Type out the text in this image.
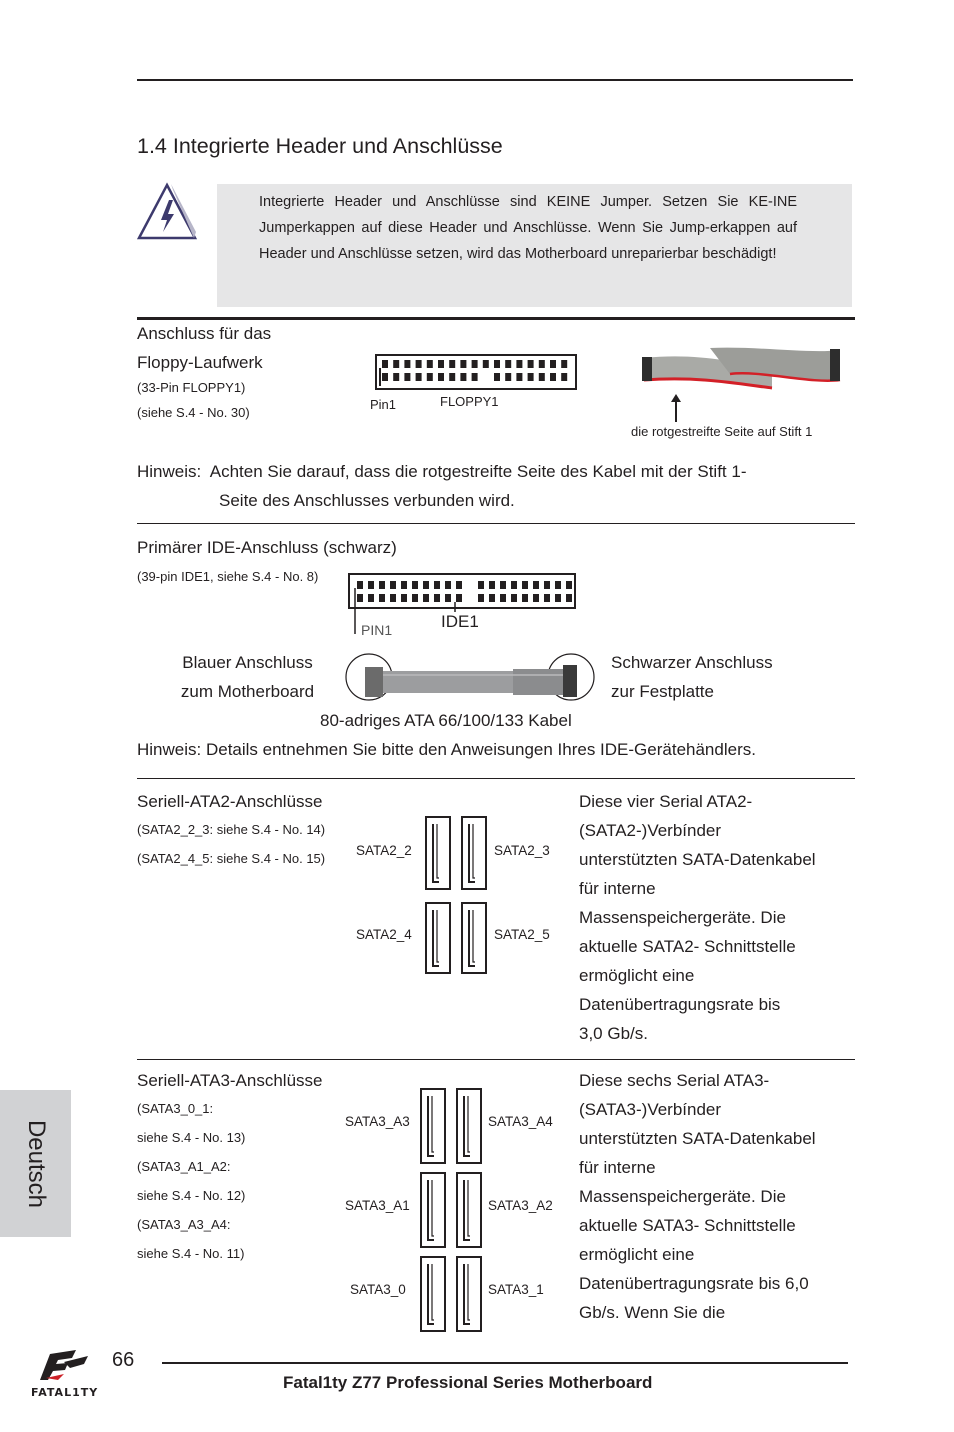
1.4 Integrierte Header und Anschlüsse
Integrierte Header und Anschlüsse sind KEINE Jumper. Setzen Sie KE-INE Jumperkappen auf diese Header und Anschlüsse. Wenn Sie Jump-erkappen auf Header und Anschlüsse setzen, wird das Motherboard unreparierbar beschädigt!
Anschluss für das
Floppy-Laufwerk
(33-Pin FLOPPY1)
(siehe S.4 - No. 30)
Pin1	FLOPPY1
die rotgestreifte Seite auf Stift 1
Hinweis: Achten Sie darauf, dass die rotgestreifte Seite des Kabel mit der Stift 1-
Seite des Anschlusses verbunden wird.
Primärer IDE-Anschluss (schwarz)
(39-pin IDE1, siehe S.4 - No. 8)
PIN1	IDE1
Blauer Anschluss
zum Motherboard
Schwarzer Anschluss
zur Festplatte
80-adriges ATA 66/100/133 Kabel
Hinweis: Details entnehmen Sie bitte den Anweisungen Ihres IDE-Gerätehändlers.
Seriell-ATA2-Anschlüsse
(SATA2_2_3: siehe S.4 - No. 14)
(SATA2_4_5: siehe S.4 - No. 15)
SATA2_2	SATA2_3
SATA2_4	SATA2_5
Diese vier Serial ATA2-
(SATA2-)Verbínder
unterstützten SATA-Datenkabel
für interne
Massenspeichergeräte. Die
aktuelle SATA2- Schnittstelle
ermöglicht eine
Datenübertragungsrate bis
3,0 Gb/s.
Seriell-ATA3-Anschlüsse
(SATA3_0_1:
siehe S.4 - No. 13)
(SATA3_A1_A2:
siehe S.4 - No. 12)
(SATA3_A3_A4:
siehe S.4 - No. 11)
SATA3_A3	SATA3_A4
SATA3_A1	SATA3_A2
SATA3_0	SATA3_1
Diese sechs Serial ATA3-
(SATA3-)Verbínder
unterstützten SATA-Datenkabel
für interne
Massenspeichergeräte. Die
aktuelle SATA3- Schnittstelle
ermöglicht eine
Datenübertragungsrate bis 6,0
Gb/s. Wenn Sie die
Deutsch
FATAL1TY
66
Fatal1ty Z77 Professional Series Motherboard
